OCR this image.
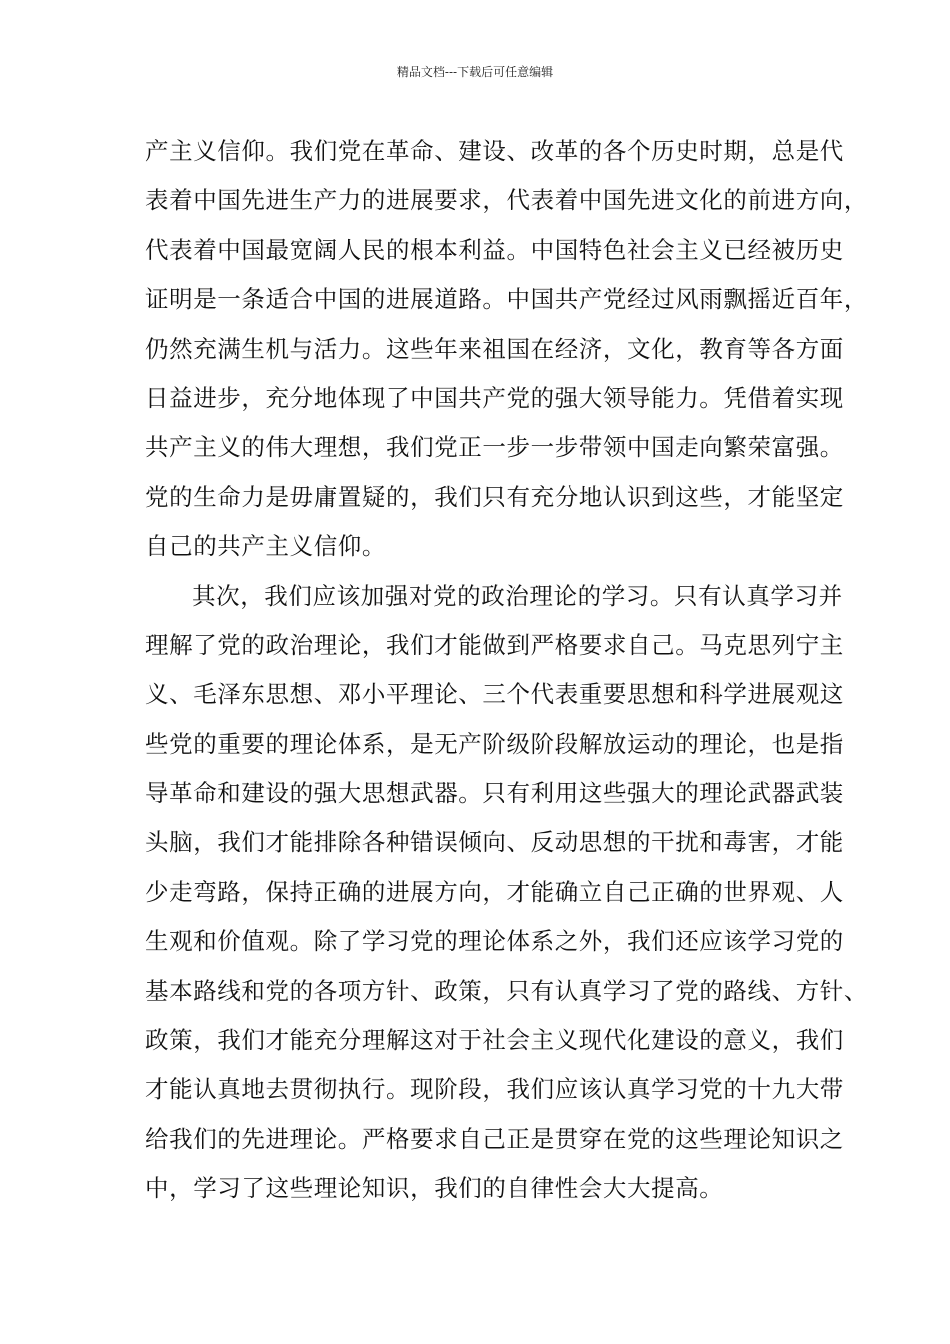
精品文档---下载后可任意编辑
产主义信仰。我们党在革命、建设、改革的各个历史时期，总是代
表着中国先进生产力的进展要求，代表着中国先进文化的前进方向，
代表着中国最宽阔人民的根本利益。中国特色社会主义已经被历史
证明是一条适合中国的进展道路。中国共产党经过风雨飘摇近百年，
仍然充满生机与活力。这些年来祖国在经济，文化，教育等各方面
日益进步，充分地体现了中国共产党的强大领导能力。凭借着实现
共产主义的伟大理想，我们党正一步一步带领中国走向繁荣富强。
党的生命力是毋庸置疑的，我们只有充分地认识到这些，才能坚定
自己的共产主义信仰。
其次，我们应该加强对党的政治理论的学习。只有认真学习并
理解了党的政治理论，我们才能做到严格要求自己。马克思列宁主
义、毛泽东思想、邓小平理论、三个代表重要思想和科学进展观这
些党的重要的理论体系，是无产阶级阶段解放运动的理论，也是指
导革命和建设的强大思想武器。只有利用这些强大的理论武器武装
头脑，我们才能排除各种错误倾向、反动思想的干扰和毒害，才能
少走弯路，保持正确的进展方向，才能确立自己正确的世界观、人
生观和价值观。除了学习党的理论体系之外，我们还应该学习党的
基本路线和党的各项方针、政策，只有认真学习了党的路线、方针、
政策，我们才能充分理解这对于社会主义现代化建设的意义，我们
才能认真地去贯彻执行。现阶段，我们应该认真学习党的十九大带
给我们的先进理论。严格要求自己正是贯穿在党的这些理论知识之
中，学习了这些理论知识，我们的自律性会大大提高。
